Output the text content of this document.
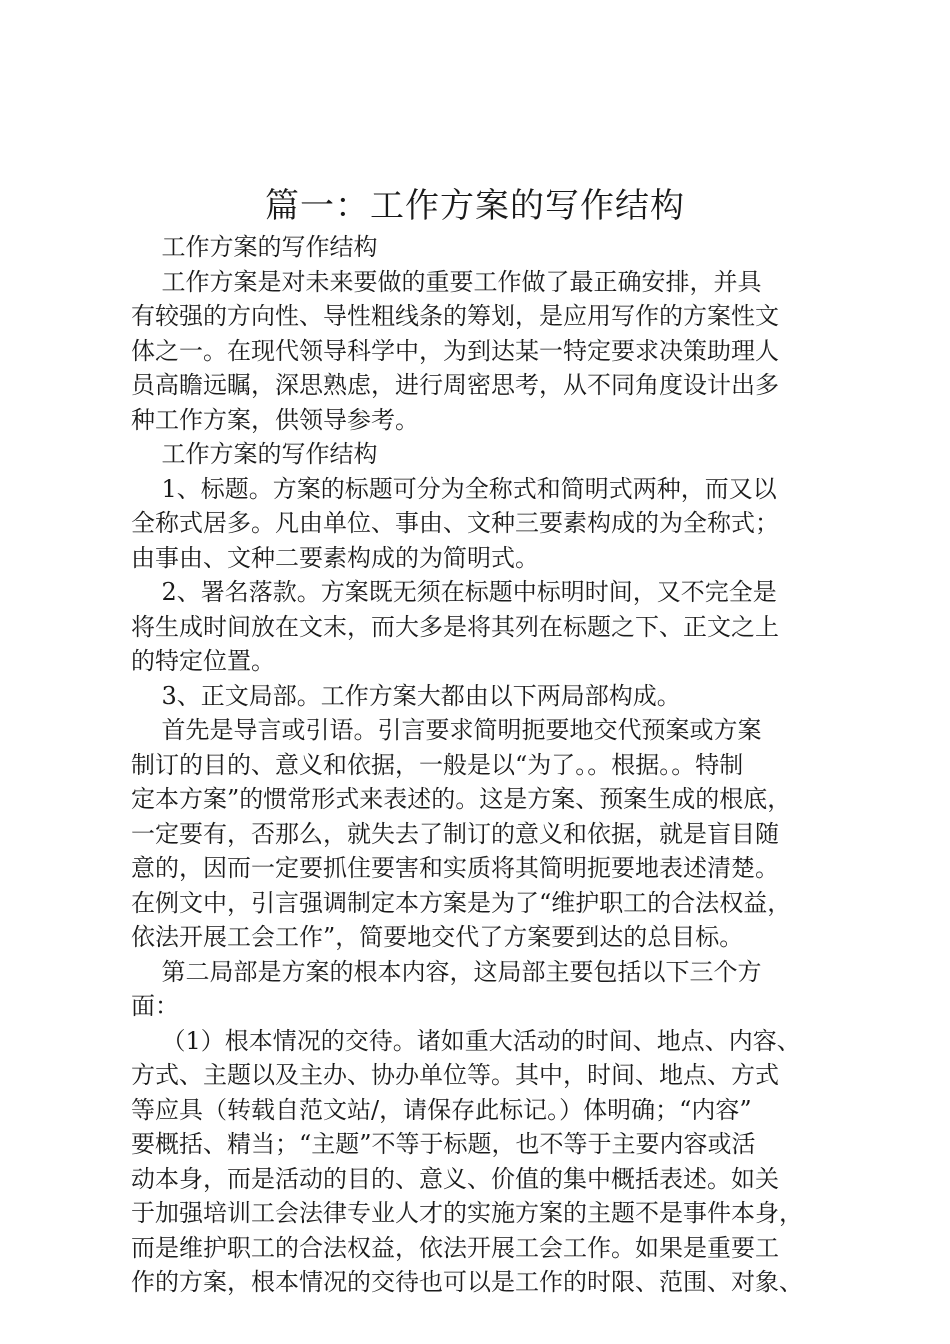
篇一：工作方案的写作结构

工作方案的写作结构

工作方案是对未来要做的重要工作做了最正确安排，并具

有较强的方向性、导性粗线条的筹划，是应用写作的方案性文

体之一。在现代领导科学中，为到达某一特定要求决策助理人

员高瞻远瞩，深思熟虑，进行周密思考，从不同角度设计出多

种工作方案，供领导参考。

工作方案的写作结构

1、标题。方案的标题可分为全称式和简明式两种，而又以

全称式居多。凡由单位、事由、文种三要素构成的为全称式；

由事由、文种二要素构成的为简明式。

2、署名落款。方案既无须在标题中标明时间，又不完全是

将生成时间放在文末，而大多是将其列在标题之下、正文之上

的特定位置。

3、正文局部。工作方案大都由以下两局部构成。

首先是导言或引语。引言要求简明扼要地交代预案或方案

制订的目的、意义和依据，一般是以“为了。。根据。。特制

定本方案”的惯常形式来表述的。这是方案、预案生成的根底，

一定要有，否那么，就失去了制订的意义和依据，就是盲目随

意的，因而一定要抓住要害和实质将其简明扼要地表述清楚。

在例文中，引言强调制定本方案是为了“维护职工的合法权益，

依法开展工会工作”，简要地交代了方案要到达的总目标。

第二局部是方案的根本内容，这局部主要包括以下三个方

面：

（1）根本情况的交待。诸如重大活动的时间、地点、内容、

方式、主题以及主办、协办单位等。其中，时间、地点、方式

等应具（转载自范文站/，请保存此标记。）体明确；“内容”

要概括、精当；“主题”不等于标题，也不等于主要内容或活

动本身，而是活动的目的、意义、价值的集中概括表述。如关

于加强培训工会法律专业人才的实施方案的主题不是事件本身，

而是维护职工的合法权益，依法开展工会工作。如果是重要工

作的方案，根本情况的交待也可以是工作的时限、范围、对象、
